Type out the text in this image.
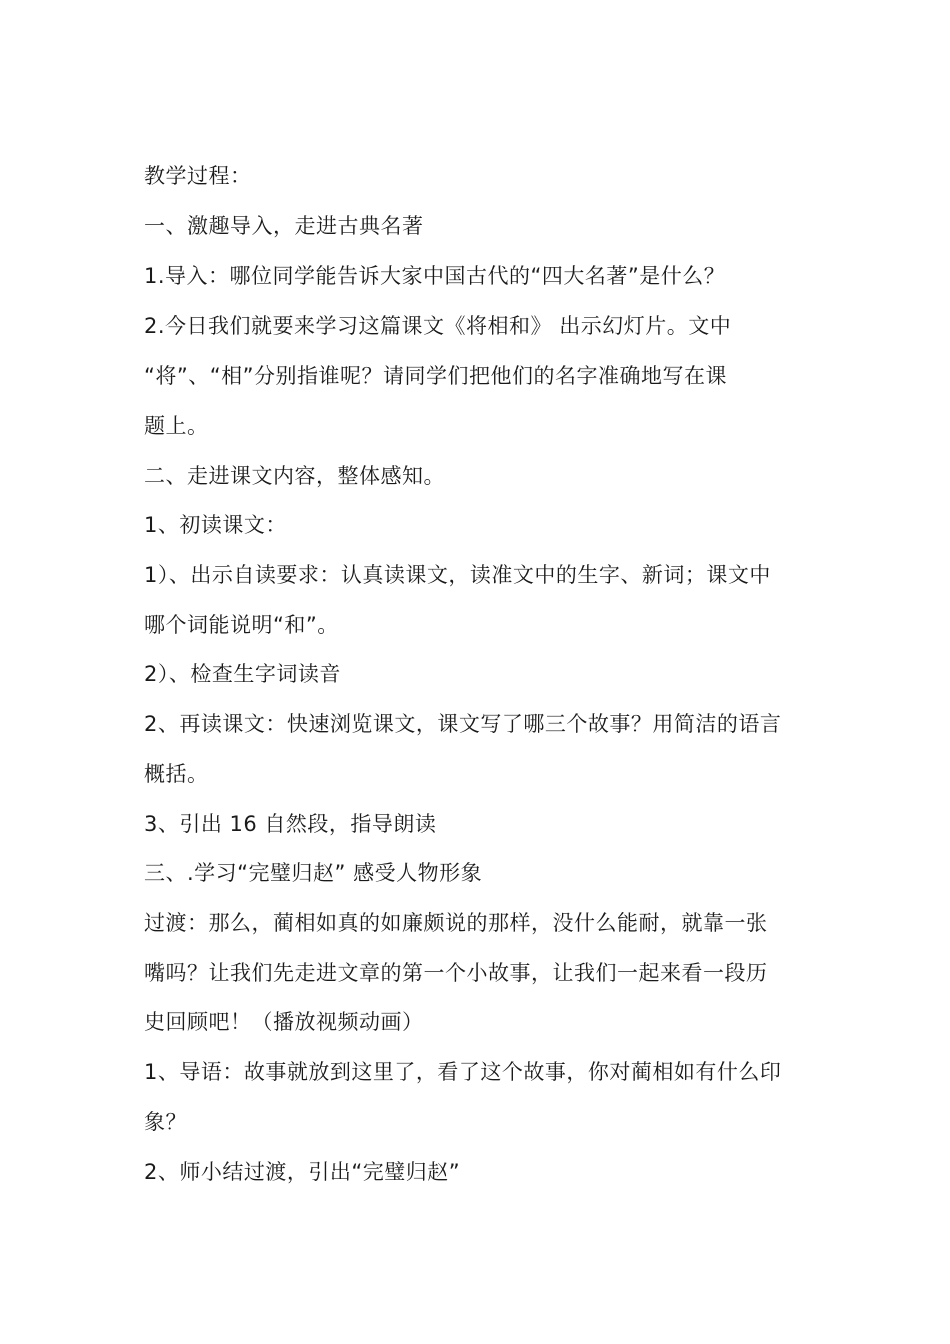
教学过程：
一、激趣导入，走进古典名著
1.导入：哪位同学能告诉大家中国古代的“四大名著”是什么？
2.今日我们就要来学习这篇课文《将相和》 出示幻灯片。文中
“将”、“相”分别指谁呢？请同学们把他们的名字准确地写在课
题上。
二、走进课文内容，整体感知。
1、初读课文：
1）、出示自读要求：认真读课文，读准文中的生字、新词；课文中
哪个词能说明“和”。
2）、检查生字词读音
2、再读课文：快速浏览课文，课文写了哪三个故事？用简洁的语言
概括。
3、引出 16 自然段，指导朗读
三、.学习“完璧归赵” 感受人物形象
过渡：那么，蔺相如真的如廉颇说的那样，没什么能耐，就靠一张
嘴吗？让我们先走进文章的第一个小故事，让我们一起来看一段历
史回顾吧！（播放视频动画）
1、导语：故事就放到这里了，看了这个故事，你对蔺相如有什么印
象？
2、师小结过渡，引出“完璧归赵”
